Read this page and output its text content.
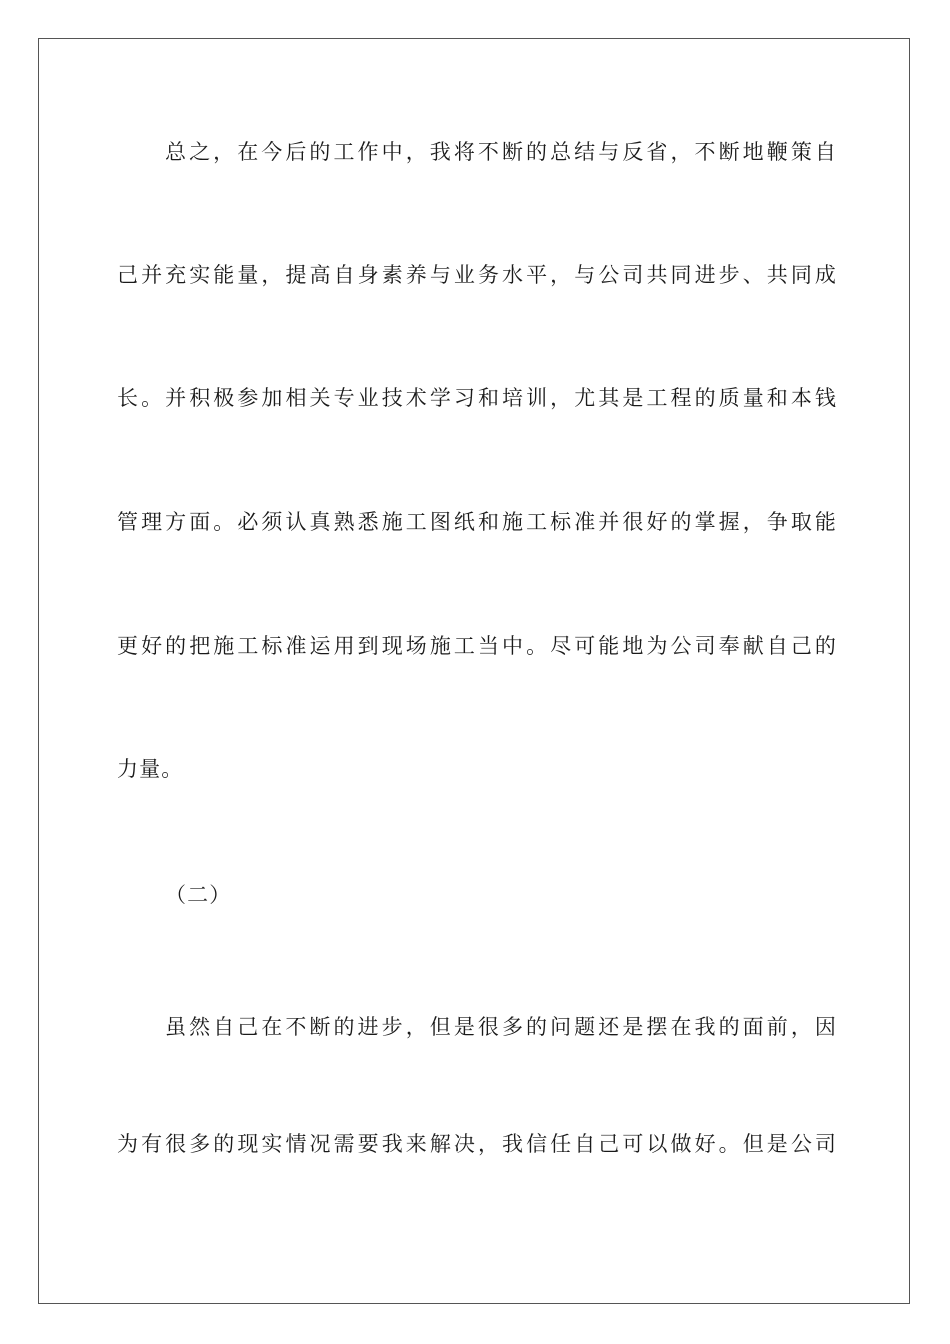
总之，在今后的工作中，我将不断的总结与反省，不断地鞭策自
己并充实能量，提高自身素养与业务水平，与公司共同进步、共同成
长。并积极参加相关专业技术学习和培训，尤其是工程的质量和本钱
管理方面。必须认真熟悉施工图纸和施工标准并很好的掌握，争取能
更好的把施工标准运用到现场施工当中。尽可能地为公司奉献自己的
力量。
（二）
虽然自己在不断的进步，但是很多的问题还是摆在我的面前，因
为有很多的现实情况需要我来解决，我信任自己可以做好。但是公司
